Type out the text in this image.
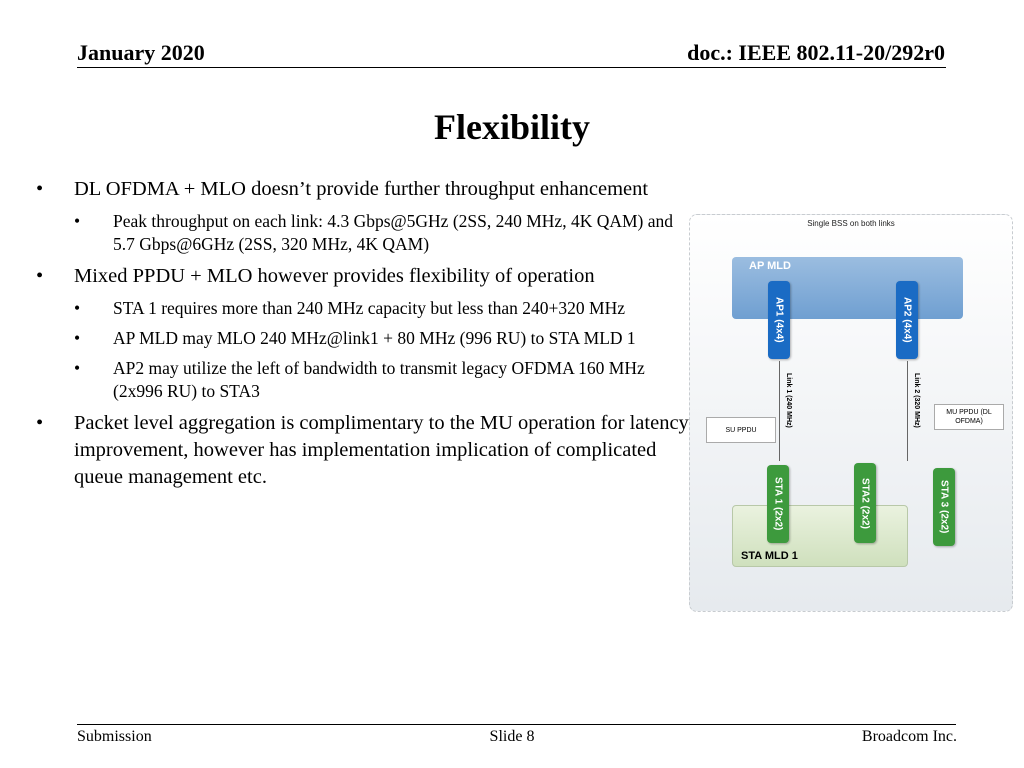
January 2020	doc.: IEEE 802.11-20/292r0
Flexibility
• DL OFDMA + MLO doesn’t provide further throughput enhancement
• Peak throughput on each link: 4.3 Gbps@5GHz (2SS, 240 MHz, 4K QAM) and 5.7 Gbps@6GHz (2SS, 320 MHz, 4K QAM)
• Mixed PPDU + MLO however provides flexibility of operation
• STA 1 requires more than 240 MHz capacity but less than 240+320 MHz
• AP MLD may MLO 240 MHz@link1 + 80 MHz (996 RU) to STA MLD 1
• AP2 may utilize the left of bandwidth to transmit legacy OFDMA 160 MHz (2x996 RU) to STA3
• Packet level aggregation is complimentary to the MU operation for latency improvement, however has implementation implication of complicated queue management etc.
Single BSS on both links
AP MLD
AP1 (4x4)	AP2 (4x4)
Link 1 (240 MHz)	Link 2 (320 MHz)
SU PPDU
MU PPDU (DL OFDMA)
STA MLD 1
STA 1 (2x2)	STA2 (2x2)	STA 3 (2x2)
Submission	Slide 8	Broadcom Inc.
